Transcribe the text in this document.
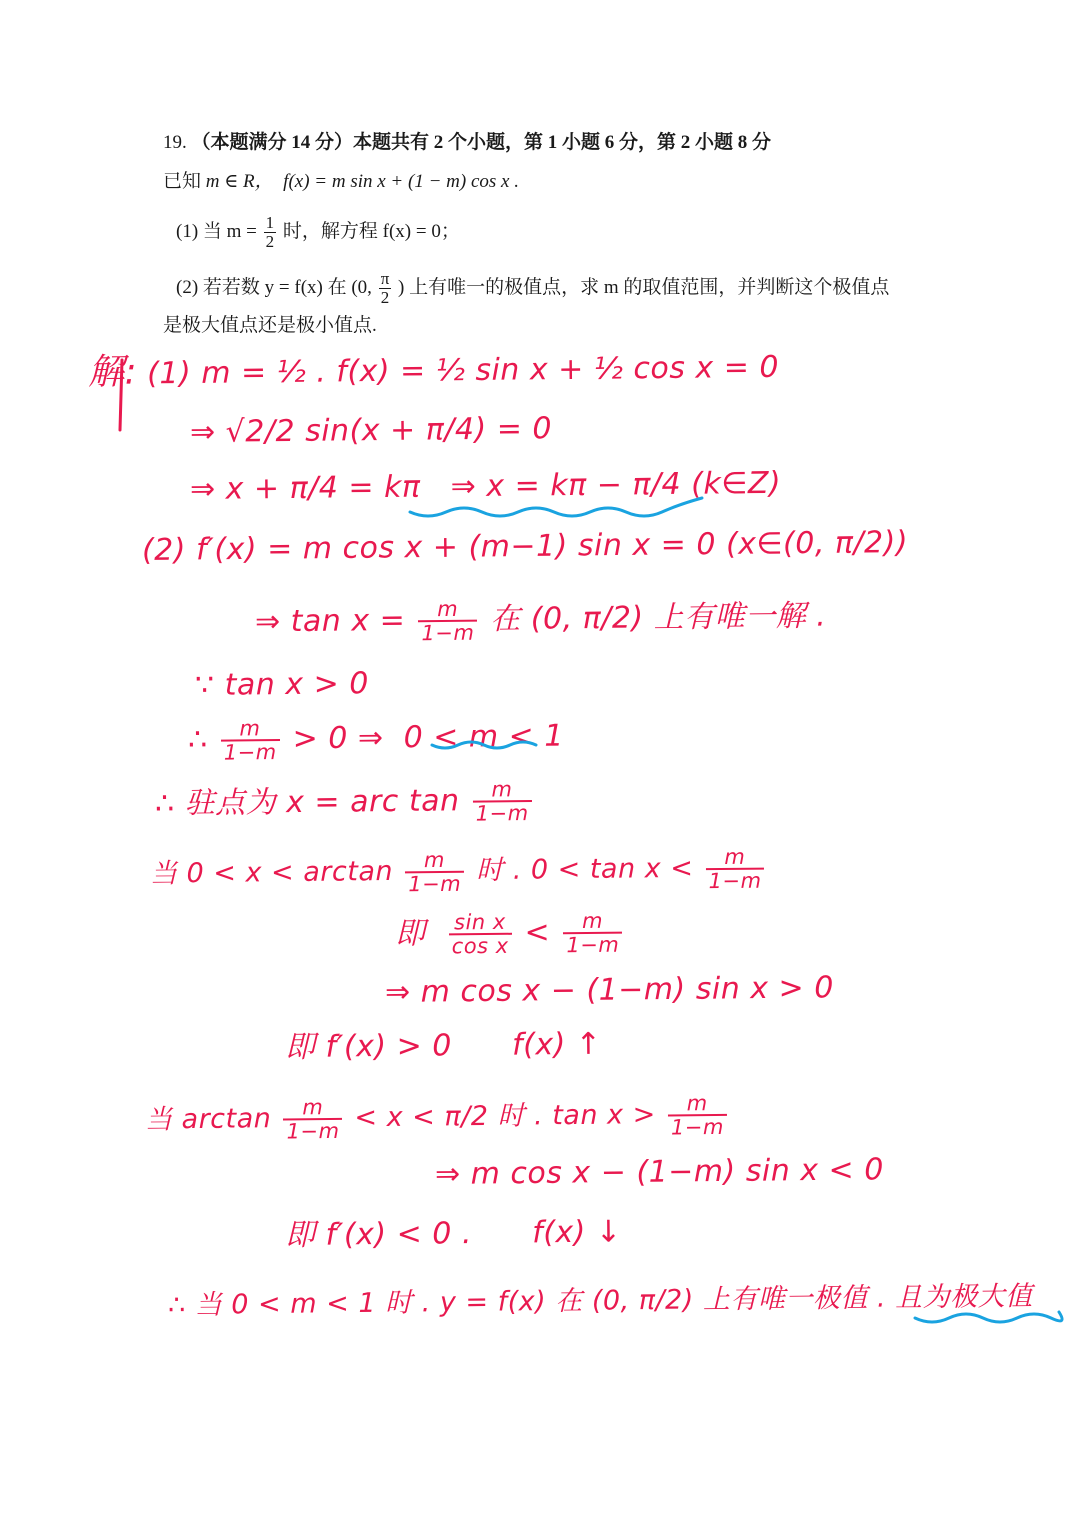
19. （本题满分 14 分）本题共有 2 个小题，第 1 小题 6 分，第 2 小题 8 分
已知 m ∈ R， f(x) = m sin x + (1 − m) cos x .
(1) 当 $m = \frac{1}{2}$ 时，解方程 f(x) = 0；
(2) 若若数 y = f(x) 在 (0, $\frac{\pi}{2}$ ) 上有唯一的极值点，求 m 的取值范围，并判断这个极值点
是极大值点还是极小值点.
解: (1) m = ½ . f(x) = ½ sin x + ½ cos x = 0
⇒ √2/2 sin(x + π/4) = 0
⇒ x + π/4 = kπ ⇒ x = kπ − π/4 (k∈Z)
(2) f′(x) = m cos x + (m−1) sin x = 0 (x∈(0, π/2))
⇒ $\tan x = \frac{m}{1-m}$ 在 (0, π/2) 上有唯一解 .
∵ tan x > 0
∴ $\frac{m}{1-m} > 0$ ⇒ 0 < m < 1
∴ 驻点为 x = arc $\tan \frac{m}{1-m}$
当 $0 < x < \arctan \frac{m}{1-m}$ 时 . $0 < \tan x < \frac{m}{1-m}$
即 $\frac{\text{sin x}}{\text{cos x}} < \frac{m}{1-m}$
⇒ m cos x − (1−m) sin x > 0
即 f′(x) > 0 f(x) ↑
当 $\arctan \frac{m}{1-m} < x < \pi/2$ 时 . $\tan x > \frac{m}{1-m}$
⇒ m cos x − (1−m) sin x < 0
即 f′(x) < 0 . f(x) ↓
∴ 当 0 < m < 1 时 . y = f(x) 在 (0, π/2) 上有唯一极值 . 且为极大值
